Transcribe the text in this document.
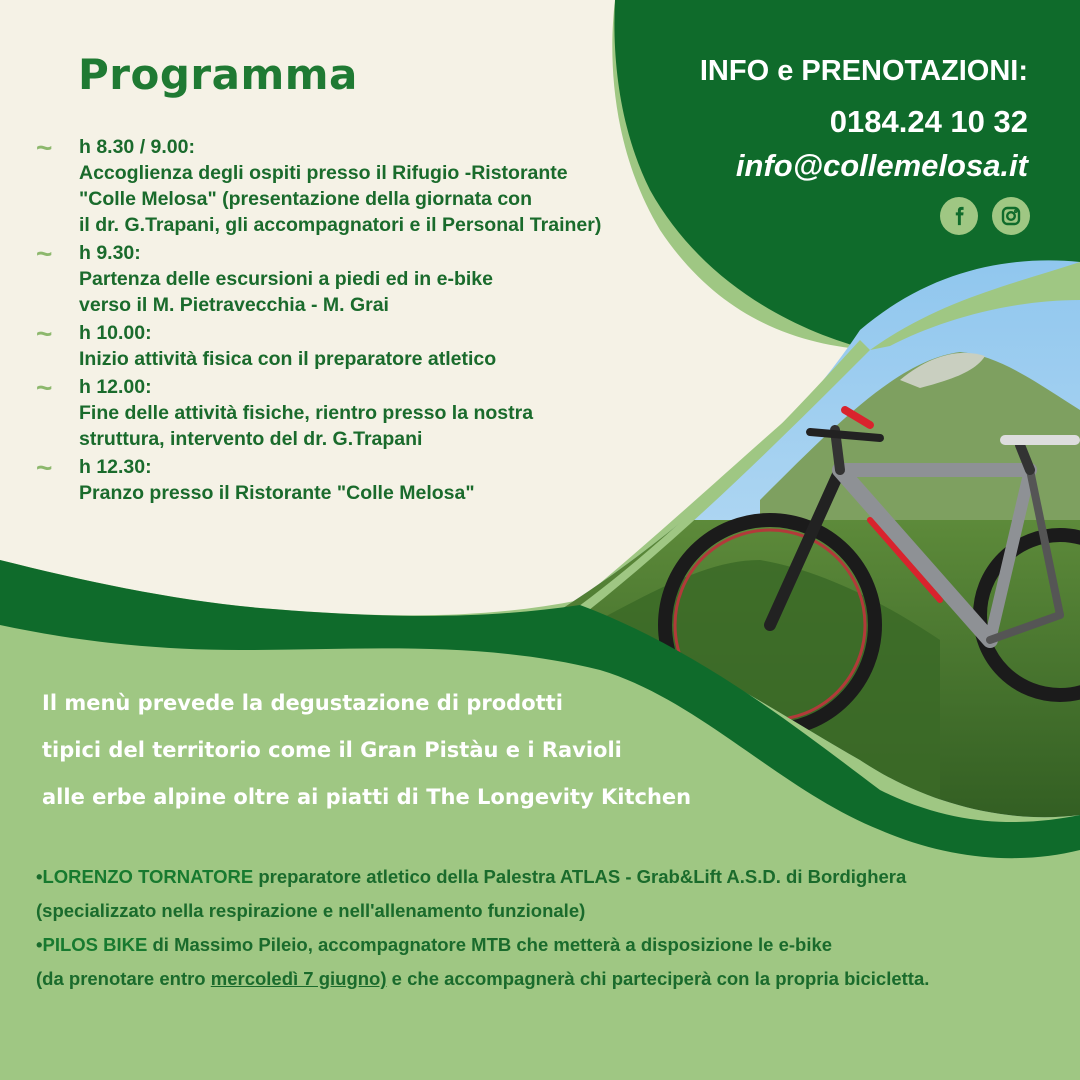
Programma
~ h 8.30 / 9.00:
Accoglienza degli ospiti presso il Rifugio -Ristorante
"Colle Melosa" (presentazione della giornata con
il dr. G.Trapani, gli accompagnatori e il Personal Trainer)
~ h 9.30:
Partenza delle escursioni a piedi ed in e-bike
verso il M. Pietravecchia - M. Grai
~ h 10.00:
Inizio attività fisica con il preparatore atletico
~ h 12.00:
Fine delle attività fisiche, rientro presso la nostra
struttura, intervento del dr. G.Trapani
~ h 12.30:
Pranzo presso il Ristorante "Colle Melosa"
INFO e PRENOTAZIONI:
0184.24 10 32
info@collemelosa.it
Il menù prevede la degustazione di prodotti
tipici del territorio come il Gran Pistàu e i Ravioli
alle erbe alpine oltre ai piatti di The Longevity Kitchen
•LORENZO TORNATORE preparatore atletico della Palestra ATLAS - Grab&Lift A.S.D. di Bordighera
(specializzato nella respirazione e nell'allenamento funzionale)
•PILOS BIKE di Massimo Pileio, accompagnatore MTB che metterà a disposizione le e-bike
(da prenotare entro mercoledì 7 giugno) e che accompagnerà chi parteciperà con la propria bicicletta.
